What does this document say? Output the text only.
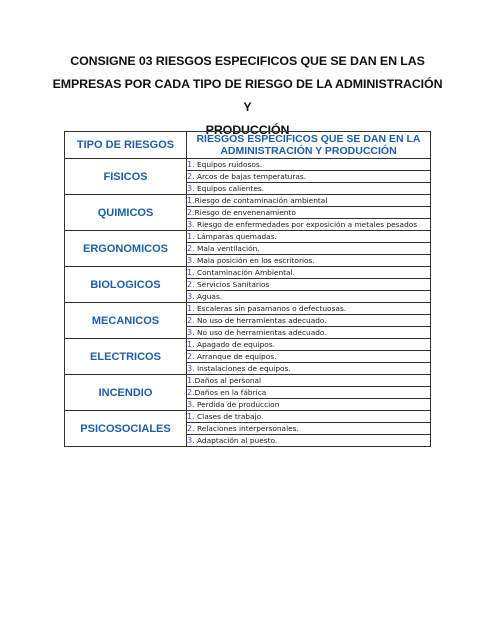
CONSIGNE 03 RIESGOS ESPECIFICOS QUE SE DAN EN LAS
EMPRESAS POR CADA TIPO DE RIESGO DE LA ADMINISTRACIÓN Y
PRODUCCIÓN
TIPO DE RIESGOS	RIESGOS ESPECIFICOS QUE SE DAN EN LA ADMINISTRACIÓN Y PRODUCCIÓN
FISICOS	1. Equipos ruidosos.
	2. Arcos de bajas temperaturas.
	3. Equipos calientes.
QUIMICOS	1.Riesgo de contaminación ambiental
	2.Riesgo de envenenamiento
	3. Riesgo de enfermedades por exposición a metales pesados
ERGONOMICOS	1. Lámparas quemadas.
	2. Mala ventilación.
	3. Mala posición en los escritorios.
BIOLOGICOS	1. Contaminación Ambiental.
	2. Servicios Sanitarios
	3. Aguas.
MECANICOS	1. Escaleras sin pasamanos o defectuosas.
	2. No uso de herramientas adecuado.
	3. No uso de herramientas adecuado.
ELECTRICOS	1. Apagado de equipos.
	2. Arranque de equipos.
	3. Instalaciones de equipos.
INCENDIO	1.Daños al personal
	2.Daños en la fábrica
	3. Perdida de produccion
PSICOSOCIALES	1. Clases de trabajo.
	2. Relaciones interpersonales.
	3. Adaptación al puesto.
